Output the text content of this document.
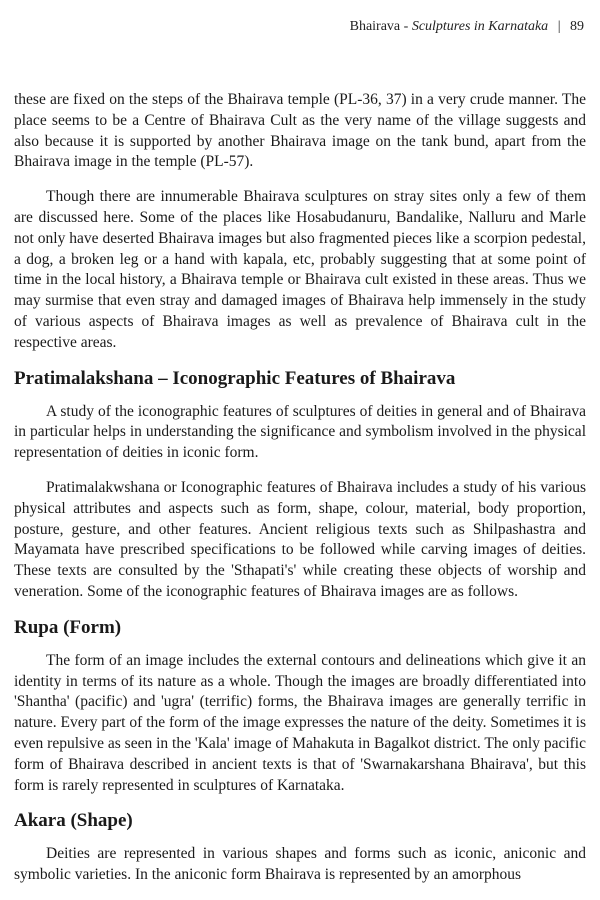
Bhairava - Sculptures in Karnataka | 89

these are fixed on the steps of the Bhairava temple (PL-36, 37) in a very crude manner. The place seems to be a Centre of Bhairava Cult as the very name of the village suggests and also because it is supported by another Bhairava image on the tank bund, apart from the Bhairava image in the temple (PL-57).

Though there are innumerable Bhairava sculptures on stray sites only a few of them are discussed here. Some of the places like Hosabudanuru, Bandalike, Nalluru and Marle not only have deserted Bhairava images but also fragmented pieces like a scorpion pedestal, a dog, a broken leg or a hand with kapala, etc, probably suggesting that at some point of time in the local history, a Bhairava temple or Bhairava cult existed in these areas. Thus we may surmise that even stray and damaged images of Bhairava help immensely in the study of various aspects of Bhairava images as well as prevalence of Bhairava cult in the respective areas.

Pratimalakshana – Iconographic Features of Bhairava

A study of the iconographic features of sculptures of deities in general and of Bhairava in particular helps in understanding the significance and symbolism involved in the physical representation of deities in iconic form.

Pratimalakwshana or Iconographic features of Bhairava includes a study of his various physical attributes and aspects such as form, shape, colour, material, body proportion, posture, gesture, and other features. Ancient religious texts such as Shilpashastra and Mayamata have prescribed specifications to be followed while carving images of deities. These texts are consulted by the 'Sthapati's' while creating these objects of worship and veneration. Some of the iconographic features of Bhairava images are as follows.

Rupa (Form)

The form of an image includes the external contours and delineations which give it an identity in terms of its nature as a whole. Though the images are broadly differentiated into 'Shantha' (pacific) and 'ugra' (terrific) forms, the Bhairava images are generally terrific in nature. Every part of the form of the image expresses the nature of the deity. Sometimes it is even repulsive as seen in the 'Kala' image of Mahakuta in Bagalkot district. The only pacific form of Bhairava described in ancient texts is that of 'Swarnakarshana Bhairava', but this form is rarely represented in sculptures of Karnataka.

Akara (Shape)

Deities are represented in various shapes and forms such as iconic, aniconic and symbolic varieties. In the aniconic form Bhairava is represented by an amorphous
